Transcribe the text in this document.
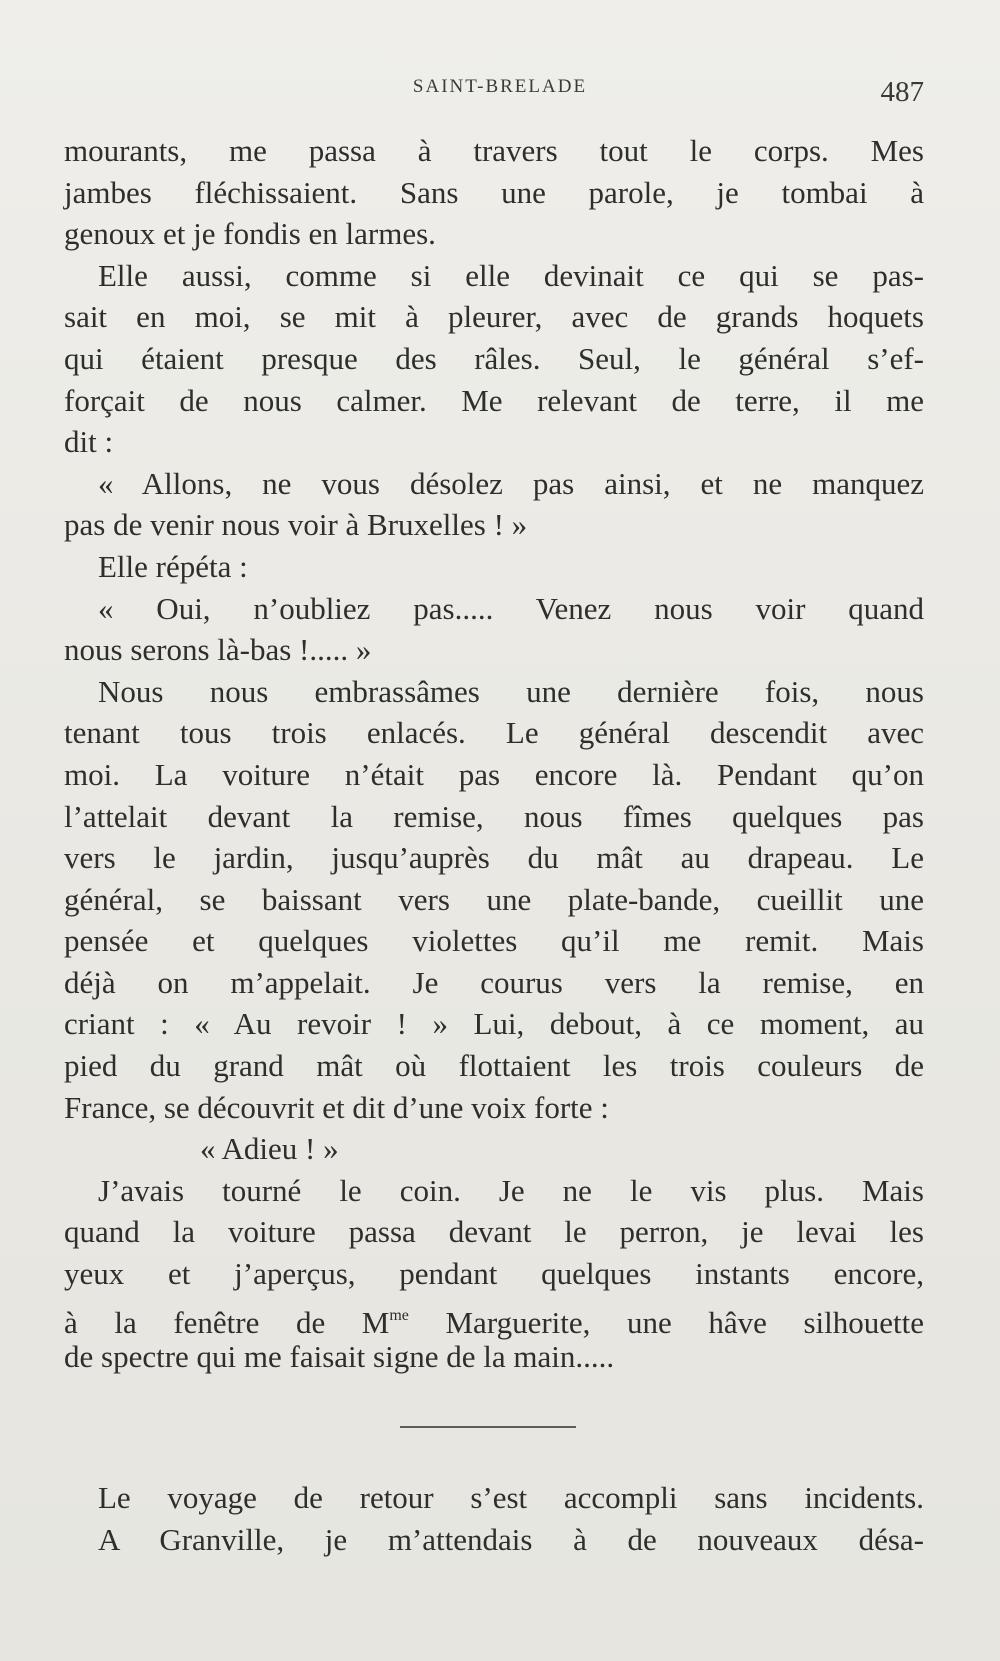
SAINT-BRELADE	487
mourants, me passa à travers tout le corps. Mes
jambes fléchissaient. Sans une parole, je tombai à
genoux et je fondis en larmes.
Elle aussi, comme si elle devinait ce qui se pas-
sait en moi, se mit à pleurer, avec de grands hoquets
qui étaient presque des râles. Seul, le général s’ef-
forçait de nous calmer. Me relevant de terre, il me
dit :
« Allons, ne vous désolez pas ainsi, et ne manquez
pas de venir nous voir à Bruxelles ! »
Elle répéta :
« Oui, n’oubliez pas..... Venez nous voir quand
nous serons là-bas !..... »
Nous nous embrassâmes une dernière fois, nous
tenant tous trois enlacés. Le général descendit avec
moi. La voiture n’était pas encore là. Pendant qu’on
l’attelait devant la remise, nous fîmes quelques pas
vers le jardin, jusqu’auprès du mât au drapeau. Le
général, se baissant vers une plate-bande, cueillit une
pensée et quelques violettes qu’il me remit. Mais
déjà on m’appelait. Je courus vers la remise, en
criant : « Au revoir ! » Lui, debout, à ce moment, au
pied du grand mât où flottaient les trois couleurs de
France, se découvrit et dit d’une voix forte :
« Adieu ! »
J’avais tourné le coin. Je ne le vis plus. Mais
quand la voiture passa devant le perron, je levai les
yeux et j’aperçus, pendant quelques instants encore,
à la fenêtre de $M^{me}$ Marguerite, une hâve silhouette
de spectre qui me faisait signe de la main.....
Le voyage de retour s’est accompli sans incidents.
A Granville, je m’attendais à de nouveaux désa-
